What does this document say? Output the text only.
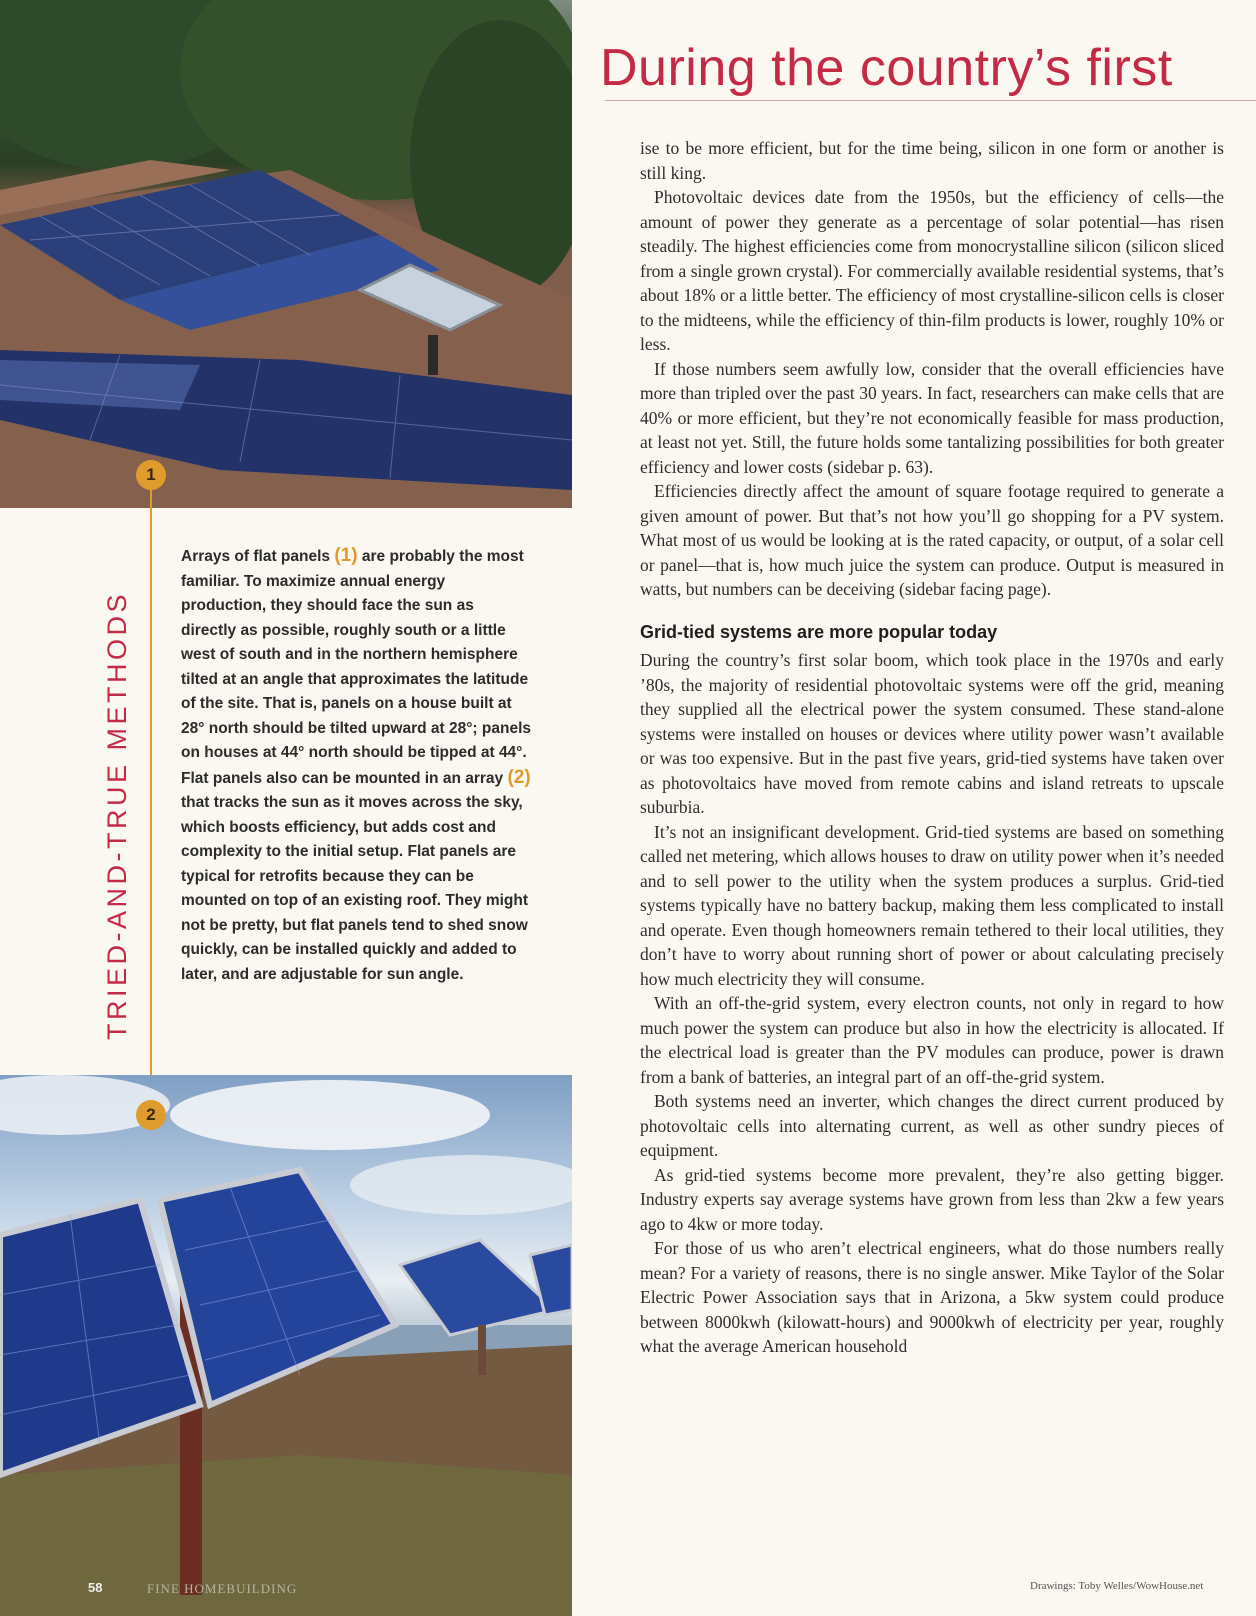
1
TRIED-AND-TRUE METHODS
Arrays of flat panels (1) are probably the most familiar. To maximize annual energy production, they should face the sun as directly as possible, roughly south or a little west of south and in the northern hemisphere tilted at an angle that approximates the latitude of the site. That is, panels on a house built at 28° north should be tilted upward at 28°; panels on houses at 44° north should be tipped at 44°. Flat panels also can be mounted in an array (2) that tracks the sun as it moves across the sky, which boosts efficiency, but adds cost and complexity to the initial setup. Flat panels are typical for retrofits because they can be mounted on top of an existing roof. They might not be pretty, but flat panels tend to shed snow quickly, can be installed quickly and added to later, and are adjustable for sun angle.
2
58	FINE HOMEBUILDING
During the country’s first

ise to be more efficient, but for the time being, silicon in one form or another is still king.

Photovoltaic devices date from the 1950s, but the efficiency of cells—the amount of power they generate as a percentage of solar potential—has risen steadily. The highest efficiencies come from monocrystalline silicon (silicon sliced from a single grown crystal). For commercially available residential systems, that’s about 18% or a little better. The efficiency of most crystalline-silicon cells is closer to the midteens, while the efficiency of thin-film products is lower, roughly 10% or less.

If those numbers seem awfully low, consider that the overall efficiencies have more than tripled over the past 30 years. In fact, researchers can make cells that are 40% or more efficient, but they’re not economically feasible for mass production, at least not yet. Still, the future holds some tantalizing possibilities for both greater efficiency and lower costs (sidebar p. 63).

Efficiencies directly affect the amount of square footage required to generate a given amount of power. But that’s not how you’ll go shopping for a PV system. What most of us would be looking at is the rated capacity, or output, of a solar cell or panel—that is, how much juice the system can produce. Output is measured in watts, but numbers can be deceiving (sidebar facing page).

Grid-tied systems are more popular today

During the country’s first solar boom, which took place in the 1970s and early ’80s, the majority of residential photovoltaic systems were off the grid, meaning they supplied all the electrical power the system consumed. These stand-alone systems were installed on houses or devices where utility power wasn’t available or was too expensive. But in the past five years, grid-tied systems have taken over as photovoltaics have moved from remote cabins and island retreats to upscale suburbia.

It’s not an insignificant development. Grid-tied systems are based on something called net metering, which allows houses to draw on utility power when it’s needed and to sell power to the utility when the system produces a surplus. Grid-tied systems typically have no battery backup, making them less complicated to install and operate. Even though homeowners remain tethered to their local utilities, they don’t have to worry about running short of power or about calculating precisely how much electricity they will consume.

With an off-the-grid system, every electron counts, not only in regard to how much power the system can produce but also in how the electricity is allocated. If the electrical load is greater than the PV modules can produce, power is drawn from a bank of batteries, an integral part of an off-the-grid system.

Both systems need an inverter, which changes the direct current produced by photovoltaic cells into alternating current, as well as other sundry pieces of equipment.

As grid-tied systems become more prevalent, they’re also getting bigger. Industry experts say average systems have grown from less than 2kw a few years ago to 4kw or more today.

For those of us who aren’t electrical engineers, what do those numbers really mean? For a variety of reasons, there is no single answer. Mike Taylor of the Solar Electric Power Association says that in Arizona, a 5kw system could produce between 8000kwh (kilowatt-hours) and 9000kwh of electricity per year, roughly what the average American household

Drawings: Toby Welles/WowHouse.net
